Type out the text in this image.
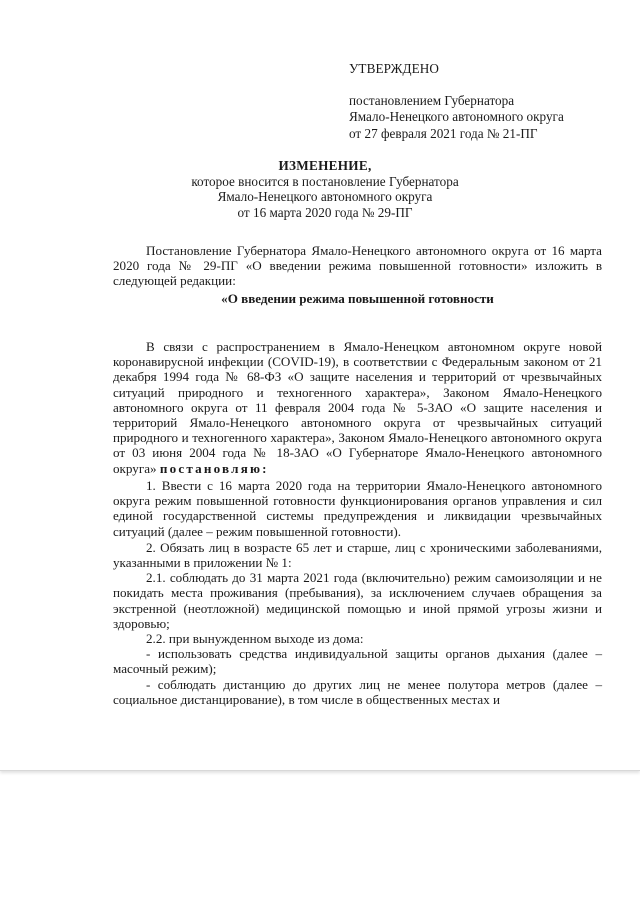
УТВЕРЖДЕНО
постановлением Губернатора
Ямало-Ненецкого автономного округа
от 27 февраля 2021 года № 21-ПГ
ИЗМЕНЕНИЕ,
которое вносится в постановление Губернатора
Ямало-Ненецкого автономного округа
от 16 марта 2020 года № 29-ПГ

Постановление Губернатора Ямало-Ненецкого автономного округа от 16 марта 2020 года № 29-ПГ «О введении режима повышенной готовности» изложить в следующей редакции:

«О введении режима повышенной готовности

В связи с распространением в Ямало-Ненецком автономном округе новой коронавирусной инфекции (COVID-19), в соответствии с Федеральным законом от 21 декабря 1994 года № 68-ФЗ «О защите населения и территорий от чрезвычайных ситуаций природного и техногенного характера», Законом Ямало-Ненецкого автономного округа от 11 февраля 2004 года № 5-ЗАО «О защите населения и территорий Ямало-Ненецкого автономного округа от чрезвычайных ситуаций природного и техногенного характера», Законом Ямало-Ненецкого автономного округа от 03 июня 2004 года № 18-ЗАО «О Губернаторе Ямало-Ненецкого автономного округа» постановляю:

1. Ввести с 16 марта 2020 года на территории Ямало-Ненецкого автономного округа режим повышенной готовности функционирования органов управления и сил единой государственной системы предупреждения и ликвидации чрезвычайных ситуаций (далее – режим повышенной готовности).

2. Обязать лиц в возрасте 65 лет и старше, лиц с хроническими заболеваниями, указанными в приложении № 1:

2.1. соблюдать до 31 марта 2021 года (включительно) режим самоизоляции и не покидать места проживания (пребывания), за исключением случаев обращения за экстренной (неотложной) медицинской помощью и иной прямой угрозы жизни и здоровью;

2.2. при вынужденном выходе из дома:

- использовать средства индивидуальной защиты органов дыхания (далее – масочный режим);

- соблюдать дистанцию до других лиц не менее полутора метров (далее – социальное дистанцирование), в том числе в общественных местах и
